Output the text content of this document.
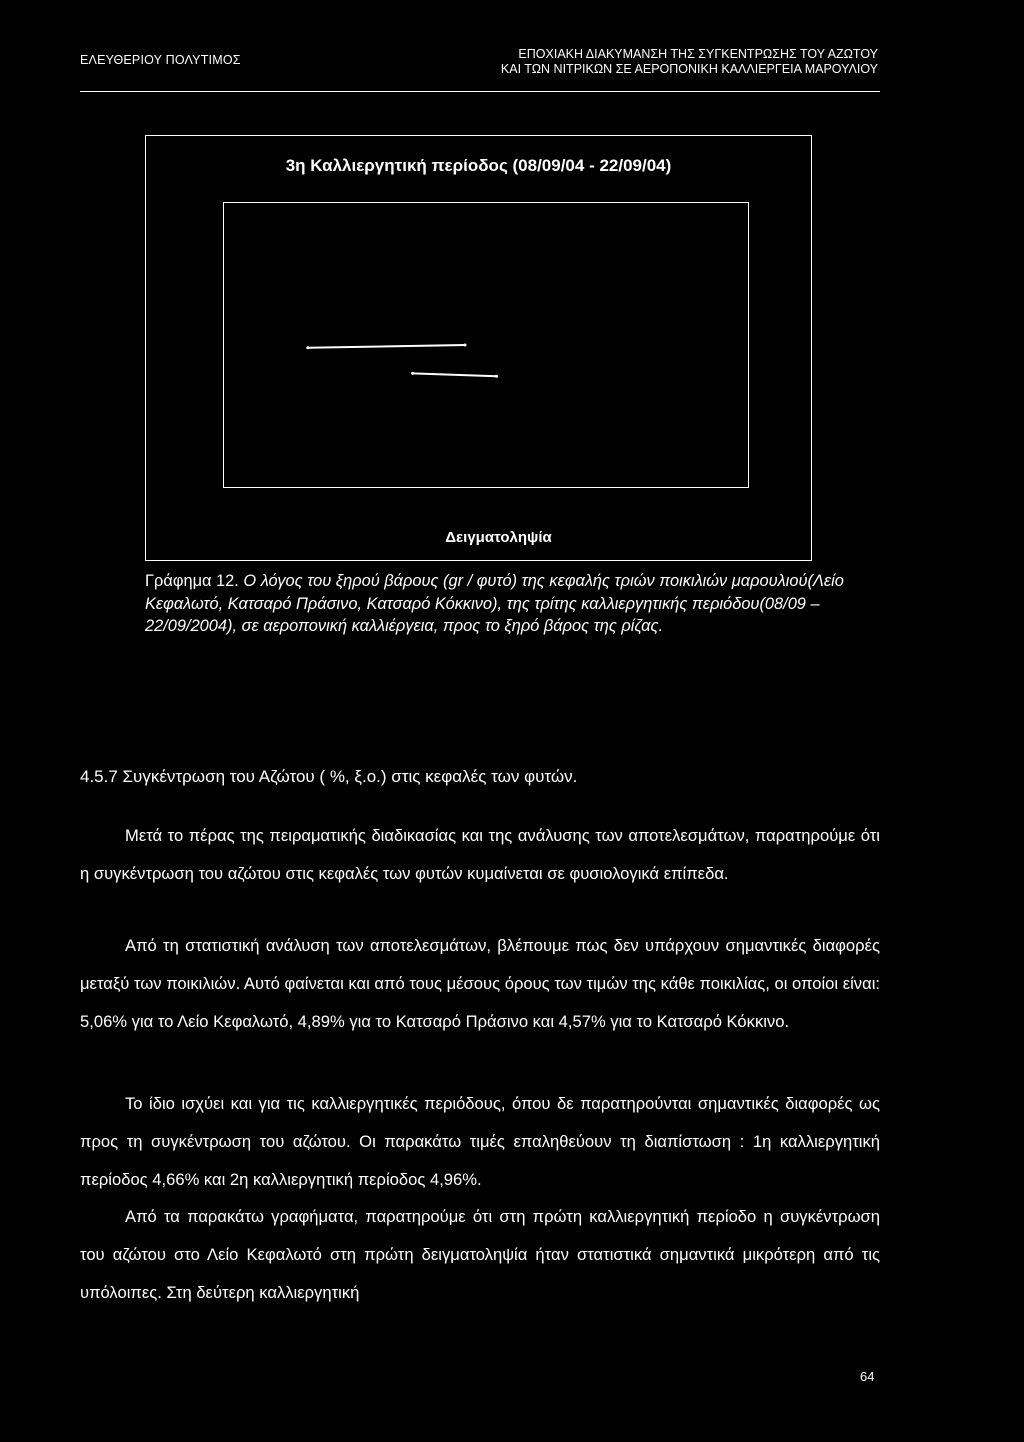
ΕΛΕΥΘΕΡΙΟΥ ΠΟΛΥΤΙΜΟΣ	ΕΠΟΧΙΑΚΗ ΔΙΑΚΥΜΑΝΣΗ ΤΗΣ ΣΥΓΚΕΝΤΡΩΣΗΣ ΤΟΥ ΑΖΩΤΟΥ
ΚΑΙ ΤΩΝ ΝΙΤΡΙΚΩΝ ΣΕ ΑΕΡΟΠΟΝΙΚΗ ΚΑΛΛΙΕΡΓΕΙΑ ΜΑΡΟΥΛΙΟΥ
3η Καλλιεργητική περίοδος (08/09/04 - 22/09/04)
Δειγματοληψία
Γράφημα 12. Ο λόγος του ξηρού βάρους (gr / φυτό) της κεφαλής τριών ποικιλιών μαρουλιού(Λείο Κεφαλωτό, Κατσαρό Πράσινο, Κατσαρό Κόκκινο), της τρίτης καλλιεργητικής περιόδου(08/09 – 22/09/2004), σε αεροπονική καλλιέργεια, προς το ξηρό βάρος της ρίζας.
4.5.7 Συγκέντρωση του Αζώτου ( %, ξ.ο.) στις κεφαλές των φυτών.
Μετά το πέρας της πειραματικής διαδικασίας και της ανάλυσης των αποτελεσμάτων, παρατηρούμε ότι η συγκέντρωση του αζώτου στις κεφαλές των φυτών κυμαίνεται σε φυσιολογικά επίπεδα.
Από τη στατιστική ανάλυση των αποτελεσμάτων, βλέπουμε πως δεν υπάρχουν σημαντικές διαφορές μεταξύ των ποικιλιών. Αυτό φαίνεται και από τους μέσους όρους των τιμών της κάθε ποικιλίας, οι οποίοι είναι: 5,06% για το Λείο Κεφαλωτό, 4,89% για το Κατσαρό Πράσινο και 4,57% για το Κατσαρό Κόκκινο.
Το ίδιο ισχύει και για τις καλλιεργητικές περιόδους, όπου δε παρατηρούνται σημαντικές διαφορές ως προς τη συγκέντρωση του αζώτου. Οι παρακάτω τιμές επαληθεύουν τη διαπίστωση : 1η καλλιεργητική περίοδος 4,66% και 2η καλλιεργητική περίοδος 4,96%.
Από τα παρακάτω γραφήματα, παρατηρούμε ότι στη πρώτη καλλιεργητική περίοδο η συγκέντρωση του αζώτου στο Λείο Κεφαλωτό στη πρώτη δειγματοληψία ήταν στατιστικά σημαντικά μικρότερη από τις υπόλοιπες. Στη δεύτερη καλλιεργητική
64
